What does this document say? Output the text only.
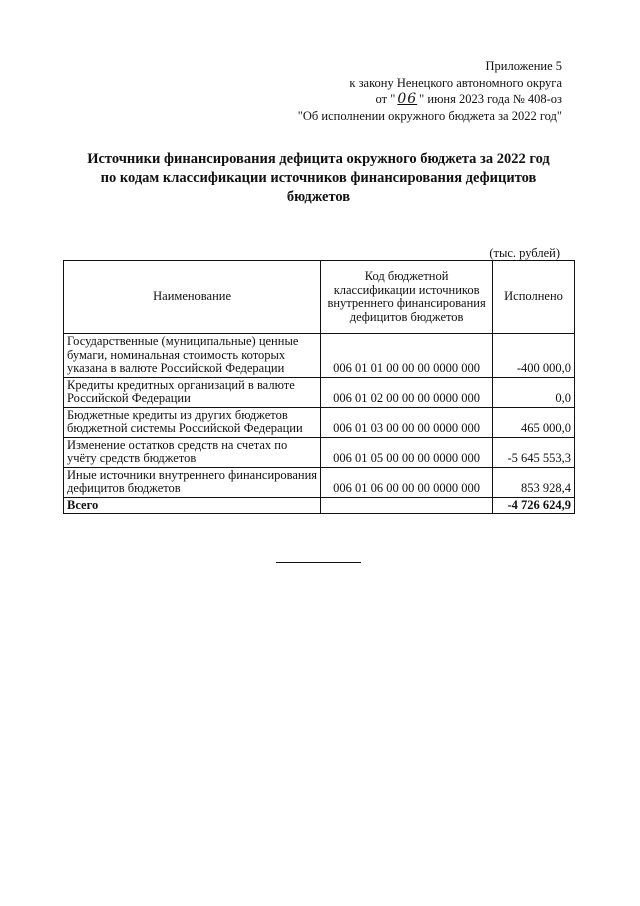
Приложение 5
к закону Ненецкого автономного округа
от " 06 " июня 2023 года № 408-оз
"Об исполнении окружного бюджета за 2022 год"
Источники финансирования дефицита окружного бюджета за 2022 год
по кодам классификации источников финансирования дефицитов
бюджетов
(тыс. рублей)
Наименование	Код бюджетной классификации источников внутреннего финансирования дефицитов бюджетов	Исполнено
Государственные (муниципальные) ценные бумаги, номинальная стоимость которых указана в валюте Российской Федерации	006 01 01 00 00 00 0000 000	-400 000,0
Кредиты кредитных организаций в валюте Российской Федерации	006 01 02 00 00 00 0000 000	0,0
Бюджетные кредиты из других бюджетов бюджетной системы Российской Федерации	006 01 03 00 00 00 0000 000	465 000,0
Изменение остатков средств на счетах по учёту средств бюджетов	006 01 05 00 00 00 0000 000	-5 645 553,3
Иные источники внутреннего финансирования дефицитов бюджетов	006 01 06 00 00 00 0000 000	853 928,4
Всего		-4 726 624,9
